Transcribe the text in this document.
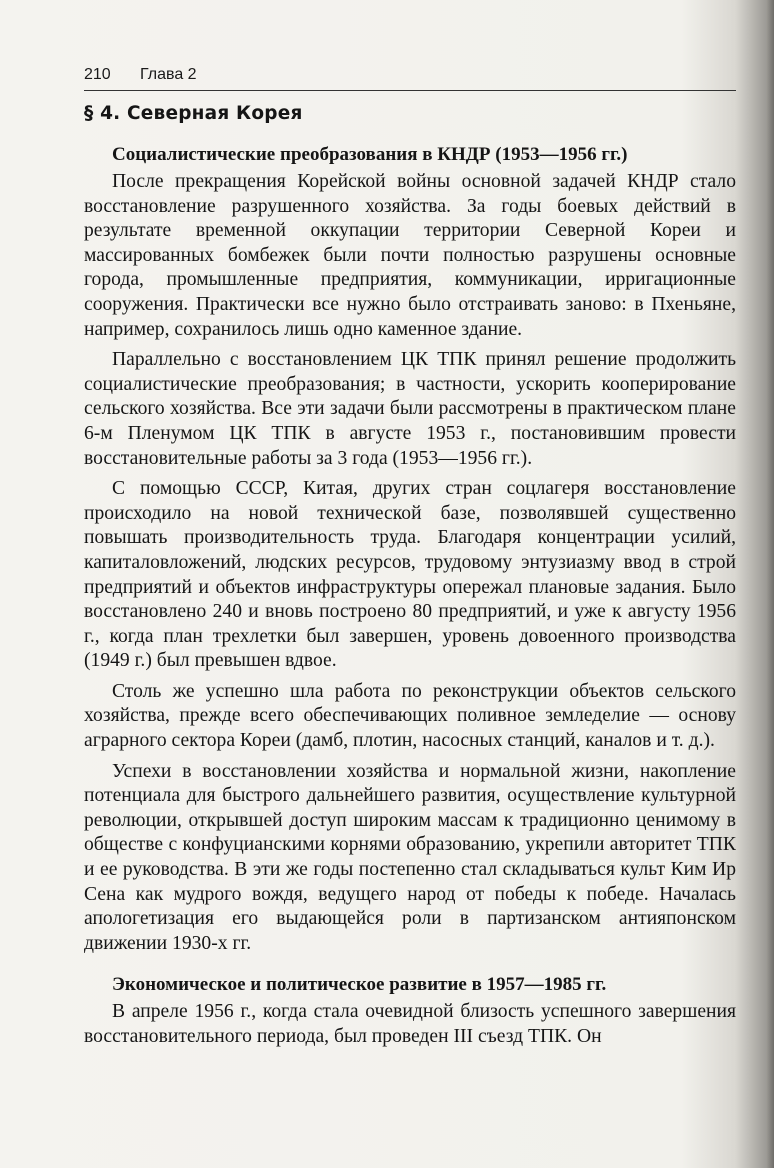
210 Глава 2
§ 4. Северная Корея
Социалистические преобразования в КНДР (1953—1956 гг.)

После прекращения Корейской войны основной задачей КНДР стало восстановление разрушенного хозяйства. За годы боевых действий в результате временной оккупации территории Северной Кореи и массированных бомбежек были почти полностью разрушены основные города, промышленные предприятия, коммуникации, ирригационные сооружения. Практически все нужно было отстраивать заново: в Пхеньяне, например, сохранилось лишь одно каменное здание.

Параллельно с восстановлением ЦК ТПК принял решение продолжить социалистические преобразования; в частности, ускорить кооперирование сельского хозяйства. Все эти задачи были рассмотрены в практическом плане 6-м Пленумом ЦК ТПК в августе 1953 г., постановившим провести восстановительные работы за 3 года (1953—1956 гг.).

С помощью СССР, Китая, других стран соцлагеря восстановление происходило на новой технической базе, позволявшей существенно повышать производительность труда. Благодаря концентрации усилий, капиталовложений, людских ресурсов, трудовому энтузиазму ввод в строй предприятий и объектов инфраструктуры опережал плановые задания. Было восстановлено 240 и вновь построено 80 предприятий, и уже к августу 1956 г., когда план трехлетки был завершен, уровень довоенного производства (1949 г.) был превышен вдвое.

Столь же успешно шла работа по реконструкции объектов сельского хозяйства, прежде всего обеспечивающих поливное земледелие — основу аграрного сектора Кореи (дамб, плотин, насосных станций, каналов и т. д.).

Успехи в восстановлении хозяйства и нормальной жизни, накопление потенциала для быстрого дальнейшего развития, осуществление культурной революции, открывшей доступ широким массам к традиционно ценимому в обществе с конфуцианскими корнями образованию, укрепили авторитет ТПК и ее руководства. В эти же годы постепенно стал складываться культ Ким Ир Сена как мудрого вождя, ведущего народ от победы к победе. Началась апологетизация его выдающейся роли в партизанском антияпонском движении 1930-х гг.

Экономическое и политическое развитие в 1957—1985 гг.

В апреле 1956 г., когда стала очевидной близость успешного завершения восстановительного периода, был проведен III съезд ТПК. Он
